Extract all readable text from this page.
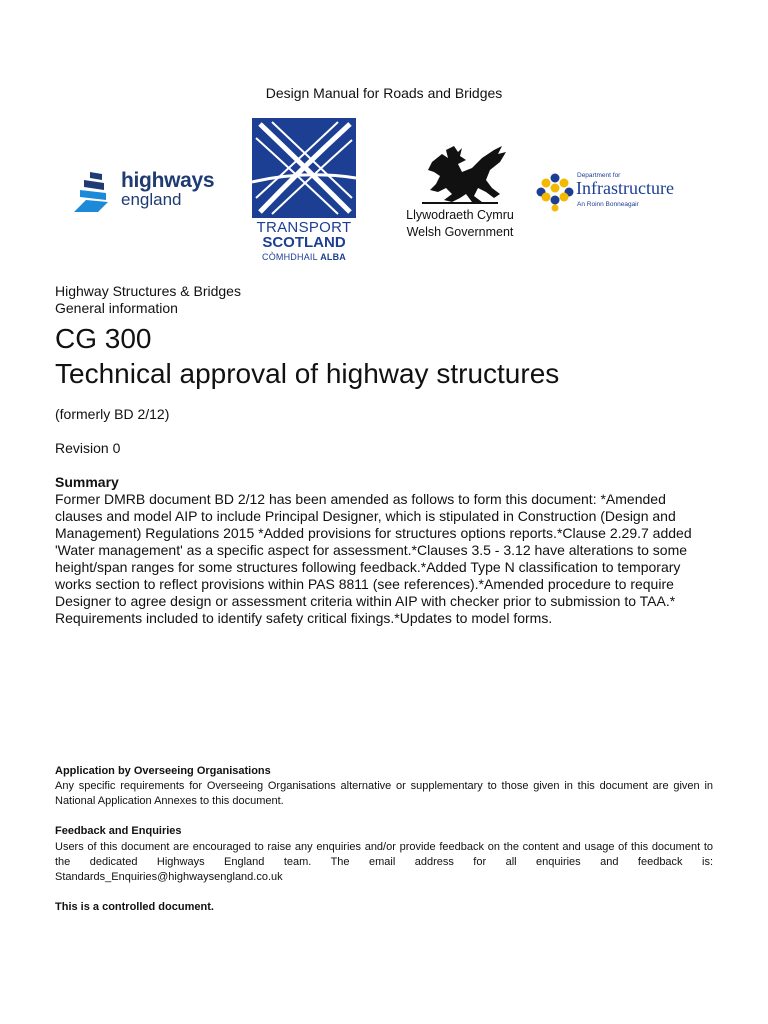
Design Manual for Roads and Bridges
highways
england
TRANSPORT
SCOTLAND
CÒMHDHAIL ALBA
Llywodraeth Cymru
Welsh Government
Department for
Infrastructure
An Roinn Bonneagair
Highway Structures & Bridges
General information
CG 300
Technical approval of highway structures
(formerly BD 2/12)
Revision 0
Summary
Former DMRB document BD 2/12 has been amended as follows to form this document: *Amended clauses and model AIP to include Principal Designer, which is stipulated in Construction (Design and Management) Regulations 2015 *Added provisions for structures options reports.*Clause 2.29.7 added 'Water management' as a specific aspect for assessment.*Clauses 3.5 - 3.12 have alterations to some height/span ranges for some structures following feedback.*Added Type N classification to temporary works section to reflect provisions within PAS 8811 (see references).*Amended procedure to require Designer to agree design or assessment criteria within AIP with checker prior to submission to TAA.* Requirements included to identify safety critical fixings.*Updates to model forms.
Application by Overseeing Organisations
Any specific requirements for Overseeing Organisations alternative or supplementary to those given in this document are given in National Application Annexes to this document.
Feedback and Enquiries
Users of this document are encouraged to raise any enquiries and/or provide feedback on the content and usage of this document to the dedicated Highways England team. The email address for all enquiries and feedback is: Standards_Enquiries@highwaysengland.co.uk
This is a controlled document.
